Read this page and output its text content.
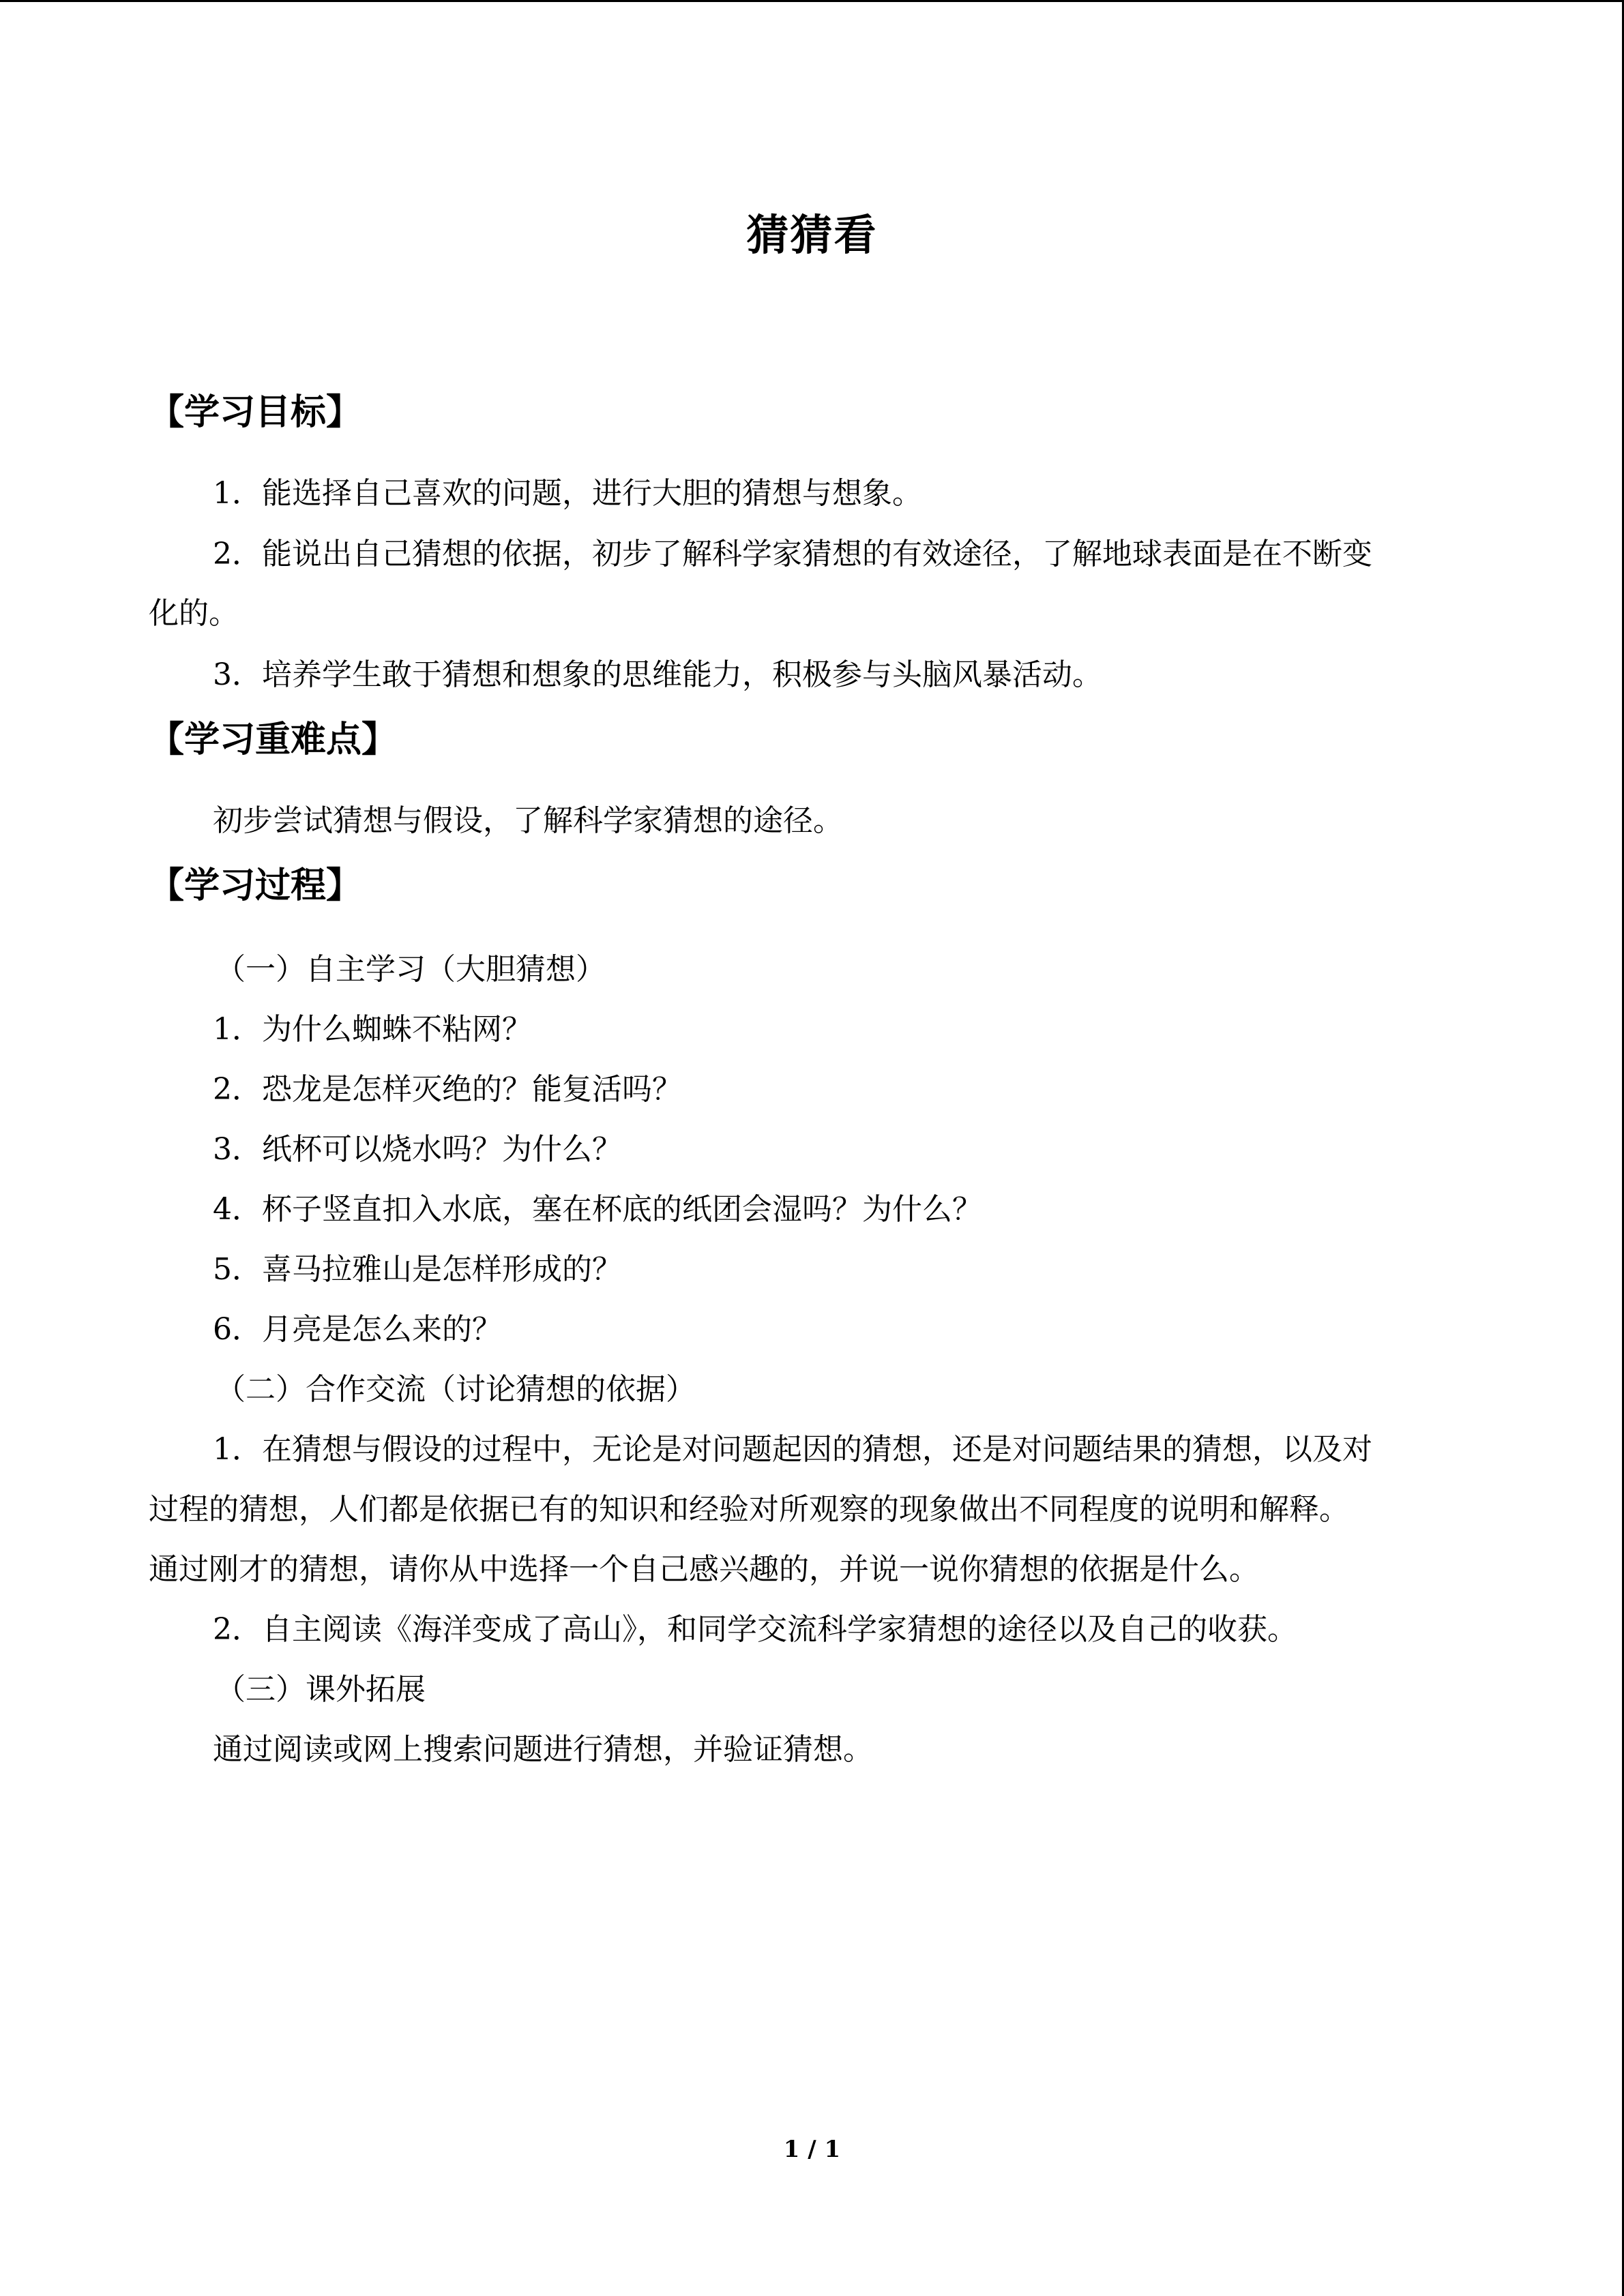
猜猜看
【学习目标】
1．能选择自己喜欢的问题，进行大胆的猜想与想象。
2．能说出自己猜想的依据，初步了解科学家猜想的有效途径，了解地球表面是在不断变
化的。
3．培养学生敢于猜想和想象的思维能力，积极参与头脑风暴活动。
【学习重难点】
初步尝试猜想与假设，了解科学家猜想的途径。
【学习过程】
（一）自主学习（大胆猜想）
1．为什么蜘蛛不粘网？
2．恐龙是怎样灭绝的？能复活吗？
3．纸杯可以烧水吗？为什么？
4．杯子竖直扣入水底，塞在杯底的纸团会湿吗？为什么？
5．喜马拉雅山是怎样形成的？
6．月亮是怎么来的？
（二）合作交流（讨论猜想的依据）
1．在猜想与假设的过程中，无论是对问题起因的猜想，还是对问题结果的猜想，以及对
过程的猜想，人们都是依据已有的知识和经验对所观察的现象做出不同程度的说明和解释。
通过刚才的猜想，请你从中选择一个自己感兴趣的，并说一说你猜想的依据是什么。
2．自主阅读《海洋变成了高山》，和同学交流科学家猜想的途径以及自己的收获。
（三）课外拓展
通过阅读或网上搜索问题进行猜想，并验证猜想。
1 / 1
